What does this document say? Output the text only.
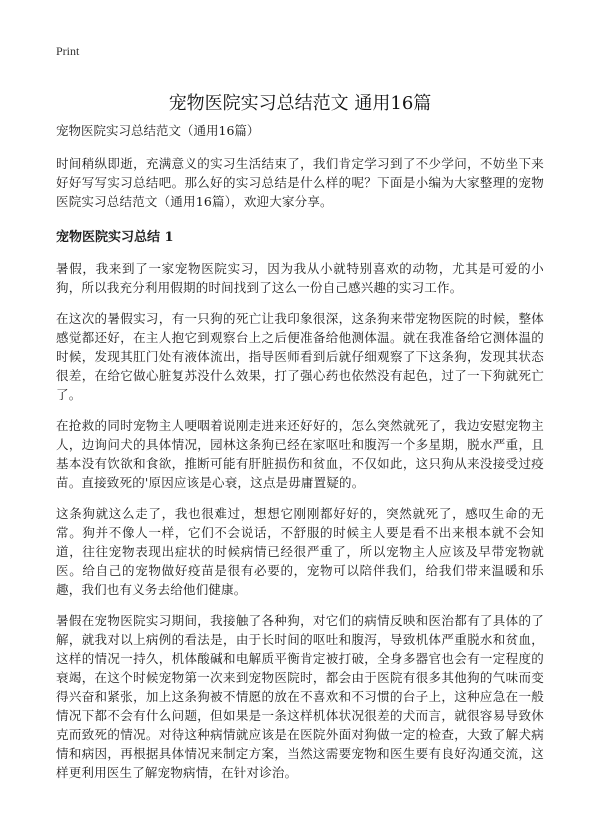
Print
宠物医院实习总结范文 通用16篇
宠物医院实习总结范文（通用16篇）

时间稍纵即逝，充满意义的实习生活结束了，我们肯定学习到了不少学问，不妨坐下来好好写写实习总结吧。那么好的实习总结是什么样的呢？下面是小编为大家整理的宠物医院实习总结范文（通用16篇），欢迎大家分享。

宠物医院实习总结 1

暑假，我来到了一家宠物医院实习，因为我从小就特别喜欢的动物，尤其是可爱的小狗，所以我充分利用假期的时间找到了这么一份自己感兴趣的实习工作。

在这次的暑假实习，有一只狗的死亡让我印象很深，这条狗来带宠物医院的时候，整体感觉都还好，在主人抱它到观察台上之后便准备给他测体温。就在我准备给它测体温的时候，发现其肛门处有液体流出，指导医师看到后就仔细观察了下这条狗，发现其状态很差，在给它做心脏复苏没什么效果，打了强心药也依然没有起色，过了一下狗就死亡了。

在抢救的同时宠物主人哽咽着说刚走进来还好好的，怎么突然就死了，我边安慰宠物主人，边询问犬的具体情况，园林这条狗已经在家呕吐和腹泻一个多星期，脱水严重，且基本没有饮欲和食欲，推断可能有肝脏损伤和贫血，不仅如此，这只狗从来没接受过疫苗。直接致死的'原因应该是心衰，这点是毋庸置疑的。

这条狗就这么走了，我也很难过，想想它刚刚都好好的，突然就死了，感叹生命的无常。狗并不像人一样，它们不会说话，不舒服的时候主人要是看不出来根本就不会知道，往往宠物表现出症状的时候病情已经很严重了，所以宠物主人应该及早带宠物就医。给自己的宠物做好疫苗是很有必要的，宠物可以陪伴我们，给我们带来温暖和乐趣，我们也有义务去给他们健康。

暑假在宠物医院实习期间，我接触了各种狗，对它们的病情反映和医治都有了具体的了解，就我对以上病例的看法是，由于长时间的呕吐和腹泻，导致机体严重脱水和贫血，这样的情况一持久，机体酸碱和电解质平衡肯定被打破，全身多器官也会有一定程度的衰竭，在这个时候宠物第一次来到宠物医院时，都会由于医院有很多其他狗的气味而变得兴奋和紧张，加上这条狗被不情愿的放在不喜欢和不习惯的台子上，这种应急在一般情况下都不会有什么问题，但如果是一条这样机体状况很差的犬而言，就很容易导致休克而致死的情况。对待这种病情就应该是在医院外面对狗做一定的检查，大致了解犬病情和病因，再根据具体情况来制定方案，当然这需要宠物和医生要有良好沟通交流，这样更利用医生了解宠物病情，在针对诊治。
